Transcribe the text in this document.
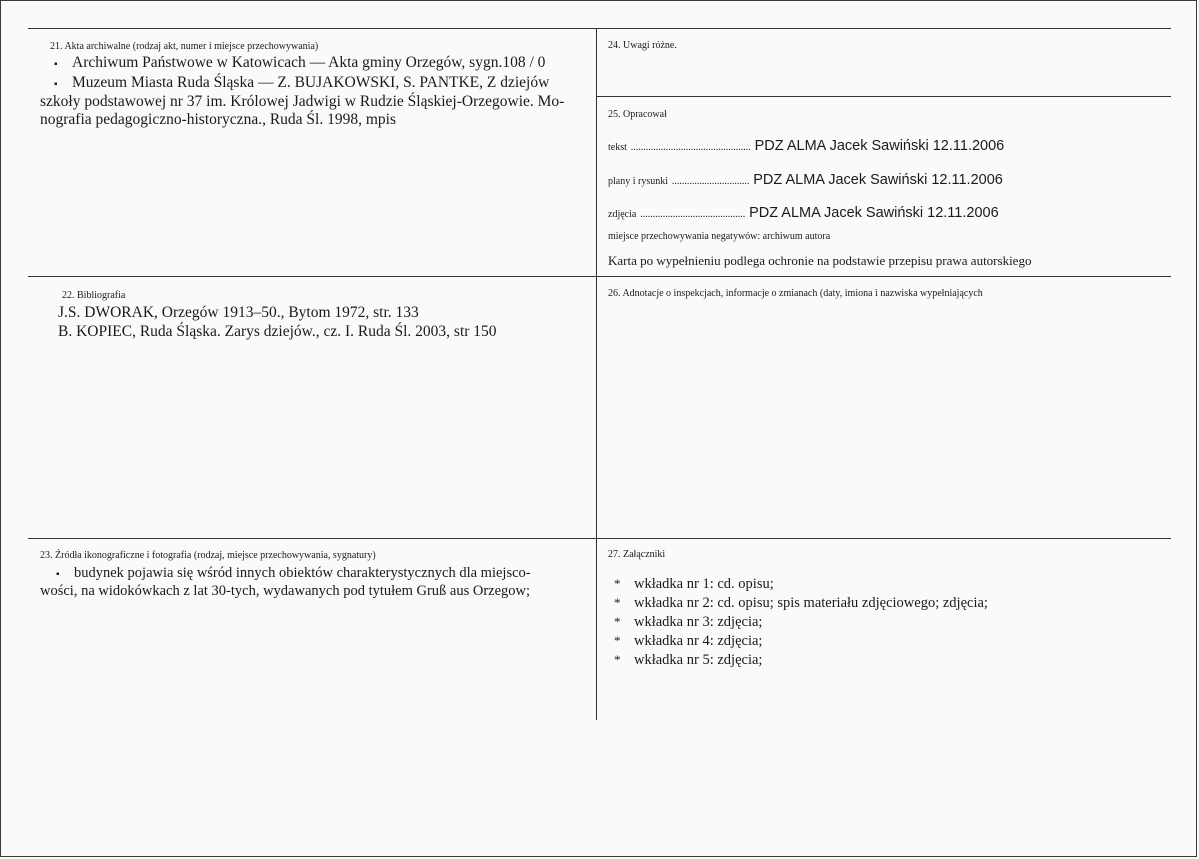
21. Akta archiwalne (rodzaj akt, numer i miejsce przechowywania)
▪ Archiwum Państwowe w Katowicach — Akta gminy Orzegów, sygn.108 / 0
▪ Muzeum Miasta Ruda Śląska — Z. BUJAKOWSKI, S. PANTKE, Z dziejów
szkoły podstawowej nr 37 im. Królowej Jadwigi w Rudzie Śląskiej-Orzegowie. Mo-
nografia pedagogiczno-historyczna., Ruda Śl. 1998, mpis
24. Uwagi różne.
25. Opracował
tekst ................................................ PDZ ALMA Jacek Sawiński 12.11.2006
plany i rysunki ............................... PDZ ALMA Jacek Sawiński 12.11.2006
zdjęcia .......................................... PDZ ALMA Jacek Sawiński 12.11.2006
miejsce przechowywania negatywów: archiwum autora
Karta po wypełnieniu podlega ochronie na podstawie przepisu prawa autorskiego
22. Bibliografia
J.S. DWORAK, Orzegów 1913–50., Bytom 1972, str. 133
B. KOPIEC, Ruda Śląska. Zarys dziejów., cz. I. Ruda Śl. 2003, str 150
26. Adnotacje o inspekcjach, informacje o zmianach (daty, imiona i nazwiska wypełniających
23. Źródła ikonograficzne i fotografia (rodzaj, miejsce przechowywania, sygnatury)
▪ budynek pojawia się wśród innych obiektów charakterystycznych dla miejsco-
wości, na widokówkach z lat 30-tych, wydawanych pod tytułem Gruß aus Orzegow;
27. Załączniki
* wkładka nr 1: cd. opisu;
* wkładka nr 2: cd. opisu; spis materiału zdjęciowego; zdjęcia;
* wkładka nr 3: zdjęcia;
* wkładka nr 4: zdjęcia;
* wkładka nr 5: zdjęcia;
